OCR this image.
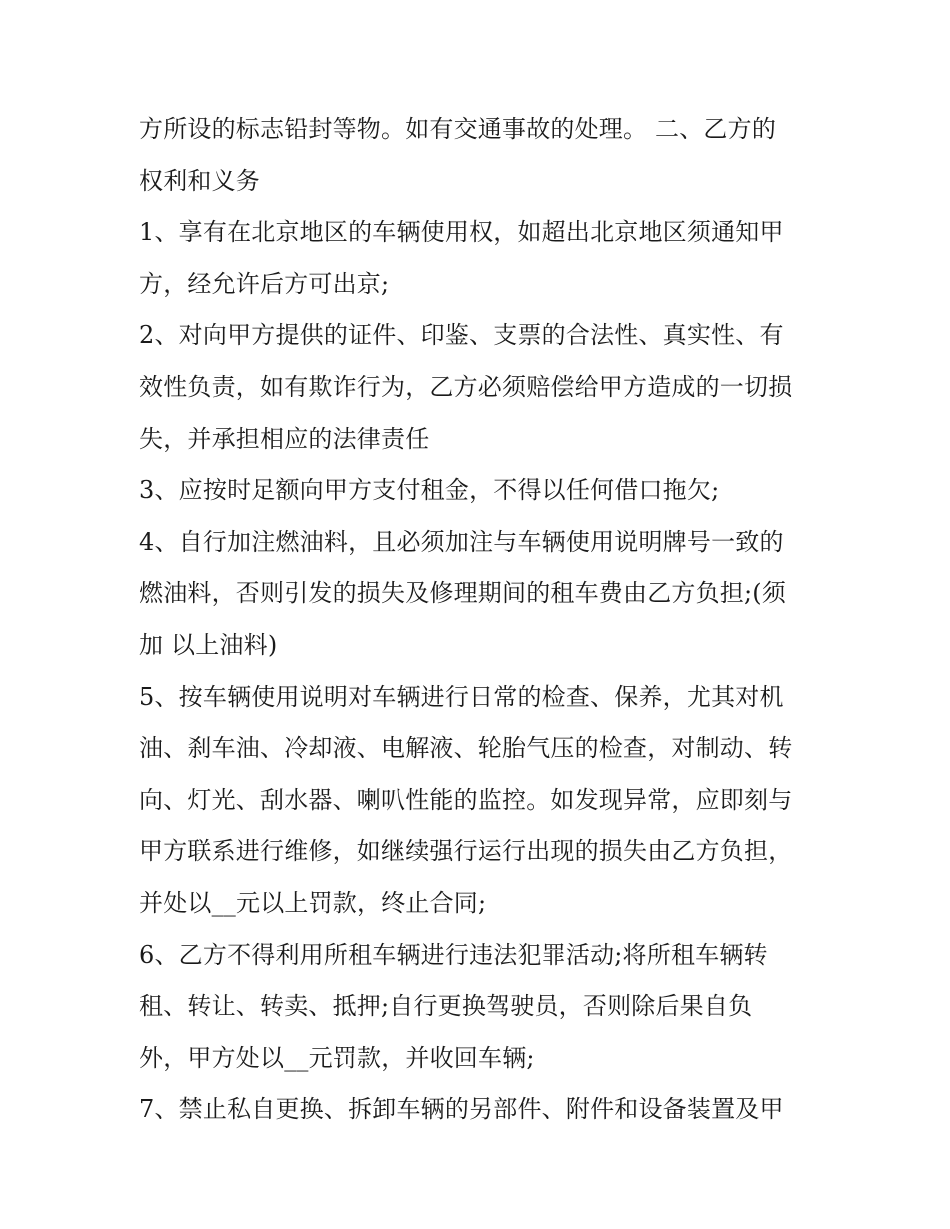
方所设的标志铅封等物。如有交通事故的处理。 二、乙方的
权利和义务
1、享有在北京地区的车辆使用权，如超出北京地区须通知甲
方，经允许后方可出京;
2、对向甲方提供的证件、印鉴、支票的合法性、真实性、有
效性负责，如有欺诈行为，乙方必须赔偿给甲方造成的一切损
失，并承担相应的法律责任
3、应按时足额向甲方支付租金，不得以任何借口拖欠;
4、自行加注燃油料，且必须加注与车辆使用说明牌号一致的
燃油料，否则引发的损失及修理期间的租车费由乙方负担;(须
加 以上油料)
5、按车辆使用说明对车辆进行日常的检查、保养，尤其对机
油、刹车油、冷却液、电解液、轮胎气压的检查，对制动、转
向、灯光、刮水器、喇叭性能的监控。如发现异常，应即刻与
甲方联系进行维修，如继续强行运行出现的损失由乙方负担，
并处以__元以上罚款，终止合同;
6、乙方不得利用所租车辆进行违法犯罪活动;将所租车辆转
租、转让、转卖、抵押;自行更换驾驶员，否则除后果自负
外，甲方处以__元罚款，并收回车辆;
7、禁止私自更换、拆卸车辆的另部件、附件和设备装置及甲
